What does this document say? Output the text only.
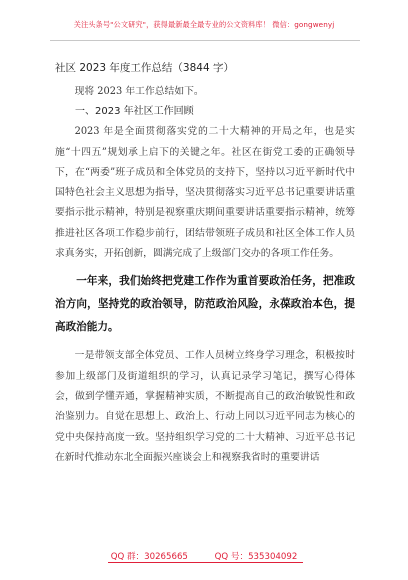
关注头条号"公文研究"，获得最新最全最专业的公文资料库！ 微信：gongwenyj
社区 2023 年度工作总结（3844 字）

现将 2023 年工作总结如下。

一、2023 年社区工作回顾

2023 年是全面贯彻落实党的二十大精神的开局之年，也是实施“十四五”规划承上启下的关键之年。社区在街党工委的正确领导下，在“两委”班子成员和全体党员的支持下，坚持以习近平新时代中国特色社会主义思想为指导，坚决贯彻落实习近平总书记重要讲话重要指示批示精神，特别是视察重庆期间重要讲话重要指示精神，统筹推进社区各项工作稳步前行，团结带领班子成员和社区全体工作人员求真务实，开拓创新，圆满完成了上级部门交办的各项工作任务。

一年来，我们始终把党建工作作为重首要政治任务，把准政治方向，坚持党的政治领导，防范政治风险，永葆政治本色，提高政治能力。

一是带领支部全体党员、工作人员树立终身学习理念，积极按时参加上级部门及街道组织的学习，认真记录学习笔记，撰写心得体会，做到学懂弄通，掌握精神实质，不断提高自己的政治敏锐性和政治鉴别力。自觉在思想上、政治上、行动上同以习近平同志为核心的党中央保持高度一致。坚持组织学习党的二十大精神、习近平总书记在新时代推动东北全面振兴座谈会上和视察我省时的重要讲话

QQ 群：30265665	QQ 号：535304092
